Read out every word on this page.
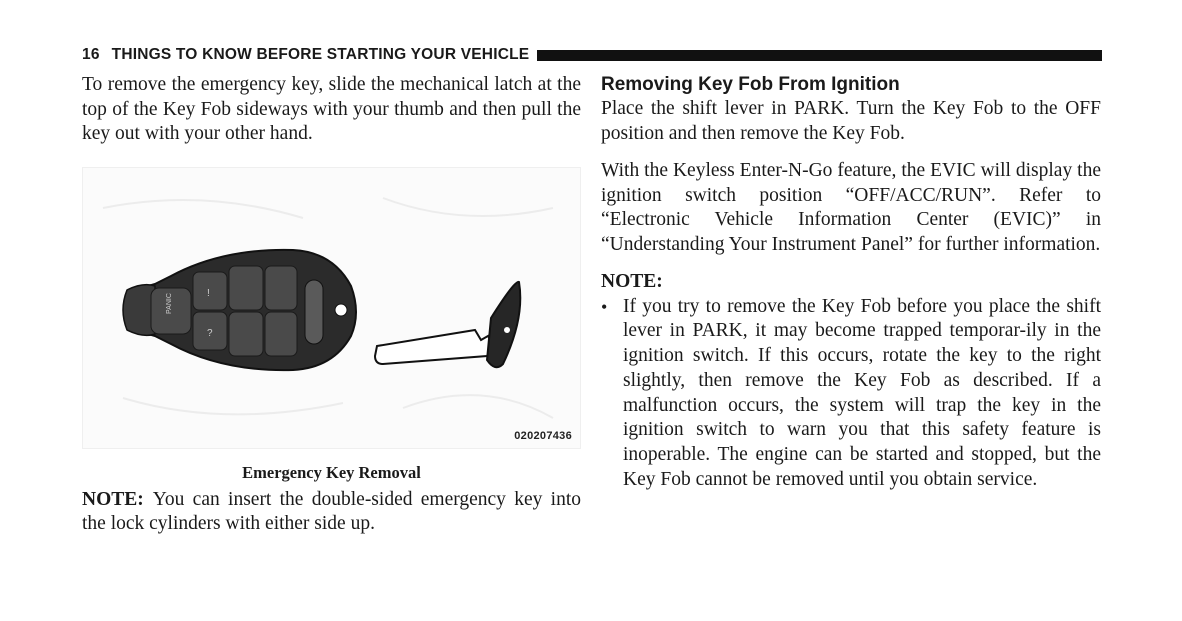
16 THINGS TO KNOW BEFORE STARTING YOUR VEHICLE

To remove the emergency key, slide the mechanical latch at the top of the Key Fob sideways with your thumb and then pull the key out with your other hand.

PANIC	!
?
020207436
Emergency Key Removal

NOTE: You can insert the double-sided emergency key into the lock cylinders with either side up.

Removing Key Fob From Ignition

Place the shift lever in PARK. Turn the Key Fob to the OFF position and then remove the Key Fob.

With the Keyless Enter-N-Go feature, the EVIC will display the ignition switch position “OFF/ACC/RUN”. Refer to “Electronic Vehicle Information Center (EVIC)” in “Understanding Your Instrument Panel” for further information.

NOTE:
• If you try to remove the Key Fob before you place the shift lever in PARK, it may become trapped temporar-ily in the ignition switch. If this occurs, rotate the key to the right slightly, then remove the Key Fob as described. If a malfunction occurs, the system will trap the key in the ignition switch to warn you that this safety feature is inoperable. The engine can be started and stopped, but the Key Fob cannot be removed until you obtain service.
